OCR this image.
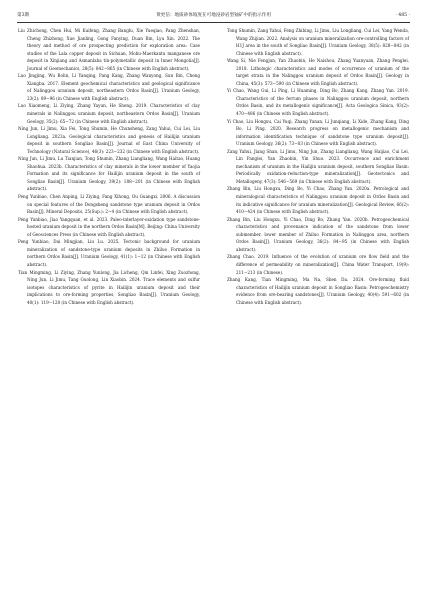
第3期	黄更信：地质砂体坡度在可地浸砂岩型铀矿中的指示作用	· 485 ·

Liu Zhichong, Chen Hui, Mi Kuifeng, Zhang Banglu, Xie Yueqiao, Pang Zhenshan, Cheng Zhizhong, Xue Jianling, Gong Fanying, Duan Bin, Lyu Xin. 2022. The theory and method of ore prospecting prediction for exploration area: Case studies of the Lala copper deposit in Sichuan, Mohu-Maerkantu manganese ore deposit in Xinjiang and Asmanlaba tin-polymetallic deposit in Inner Mongolia[J]. Journal of Geomechanics, 28(5): 842−865 (in Chinese with English abstract).

Luo Jingjing, Wu Bolin, Li Yanqing, Pang Kang, Zhang Wanyong, Sun Bin, Cheng Xiangba. 2017. Element geochemical characteristics and geological significance of Nalinggou uranium deposit, northeastern Ordos Basin[J]. Uranium Geology, 23(2): 89−96 (in Chinese with English abstract).

Luo Xiaomeng, Li Ziying, Zhang Yayun, He Sheng. 2019. Characteristics of clay minerals in Nalinggou uranium deposit, northeastern Ordos Basin[J]. Uranium Geology, 35(2): 65−72 (in Chinese with English abstract).

Ning Jun, Li Jimu, Xia Fei, Tong Shumin, He Chunsheng, Zang Yahui, Cui Lei, Liu Longliang. 2023a. Geological characteristics and genesis of Hailijin uranium deposit in southern Songliao Basin[J]. Journal of East China University of Technology (Natural Science), 46(3): 223−232 (in Chinese with English abstract).

Ning Jun, Li Jimu, Lu Tianjian, Tong Shumin, Zhang Liangliang, Wang Haitao, Huang Shaohua. 2023b. Characteristics of clay minerals in the lower member of Yaojia Formation and its significance for Hailijin uranium deposit in the south of Songliao Basin[J]. Uranium Geology, 39(2): 188−201 (in Chinese with English abstract).

Peng Yunbiao, Chen Anping, Li Ziying, Fang Xihong, Ou Guangxi. 2006. A discussion on special features of the Dongsheng sandstone type uranium deposit in Ordos Basin[J]. Mineral Deposits, 25(Sup.): 2−4 (in Chinese with English abstract).

Peng Yunbiao, Jiao Yangquan, et al. 2023. Paleo-interlayer-oxidation type sandstone-hosted uranium deposit in the northern Ordos Basin[M]. Beijing: China University of Geosciences Press (in Chinese with English abstract).

Peng Yunbiao, Dai Mingjian, Liu Lu. 2025. Tectonic background for uranium mineralization of sandstone-type uranium deposits in Zhiluo Formation in northern Ordos Basin[J]. Uranium Geology, 41(1): 1−12 (in Chinese with English abstract).

Tian Mingming, Li Ziying, Zhang Yunlong, Jia Licheng, Qin Linfei, Xing Zuozhong, Ning Jun, Li Jimu, Tang Guolong, Lin Xiaobin. 2024. Trace elements and sulfur isotopes characteristics of pyrite in Hailijin uranium deposit and their implications to ore-forming properties, Songliao Basin[J]. Uranium Geology, 40(1): 119−128 (in Chinese with English abstract).

Tong Shumin, Zang Yahui, Feng Zhibing, Li Jimu, Liu Longliang, Cui Lei, Yang Wenda, Wang Zhijian. 2022. Analysis on uranium mineralization ore-controlling factors of H1J area in the south of Songliao Basin[J]. Uranium Geology, 38(5): 828−842 (in Chinese with English abstract).

Wang Si, Nie Fengjun, Yan Zhaobin, He Naishou, Zhang Yuanyuan, Zhang Penglei. 2018. Lithologic characteristics and modes of occurrence of uranium of the target strata in the Nalinggou uranium deposit of Ordos Basin[J]. Geology in China, 45(3): 573−590 (in Chinese with English abstract).

Yi Chao, Wang Gui, Li Ping, Li Huaming, Ding Bo, Zhang Kang, Zhang Yan. 2019. Characteristics of the ferrum phases in Nalinggou uranium deposit, northern Ordos Basin, and its metallogenic significance[J]. Acta Geologica Sinica, 93(2): 470−486 (in Chinese with English abstract).

Yi Chao, Liu Hongxu, Cai Yuqi, Zhang Yanan, Li Junqiang, Li Xide, Zhang Kang, Ding Bo, Li Ping. 2020. Research progress on metallogenic mechanism and information identification technique of sandstone type uranium deposit[J]. Uranium Geology, 36(2): 73−83 (in Chinese with English abstract).

Zang Yahui, Jiang Shan, Li Jimu, Ning Jun, Zhang Liangliang, Wang Haijiao, Cui Lei, Lin Panglei, Yan Zhaobin, Yin Shuo. 2023. Occurrence and enrichment mechanism of uranium in the Hailijin uranium deposit, southern Songliao Basin: Periodically oxidation-reduction-type mineralization[J]. Geotectonics and Metallogeny, 47(3): 546−569 (in Chinese with English abstract).

Zhang Bin, Liu Hongxu, Ding Bo, Yi Chao, Zhang Yan. 2020a. Petrological and mineralogical characteristics of Nalinggou uranium deposit in Ordos Basin and its indicative significance for uranium mineralization[J]. Geological Review, 66(2): 410−424 (in Chinese with English abstract).

Zhang Bin, Liu Hongxu, Yi Chao, Ding Bo, Zhang Yan. 2020b. Petrogeochemical characteristics and provenance indication of the sandstone from lower submember, lower member of Zhiluo Formation in Nalinggou area, northern Ordos Basin[J]. Uranium Geology, 36(2): 84−95 (in Chinese with English abstract).

Zhang Chao. 2019. Influence of the evolution of uranium ore flow field and the difference of permeability on mineralization[J]. China Water Transport, 19(9): 211−213 (in Chinese).

Zhang Kang, Tian Mingming, Ma Na, Shen Da. 2024. Ore-forming fluid characteristics of Hailijin uranium deposit in Songliao Basin: Petrogeochemistry evidence from ore-bearing sandstones[J]. Uranium Geology, 40(4): 591−602 (in Chinese with English abstract).
